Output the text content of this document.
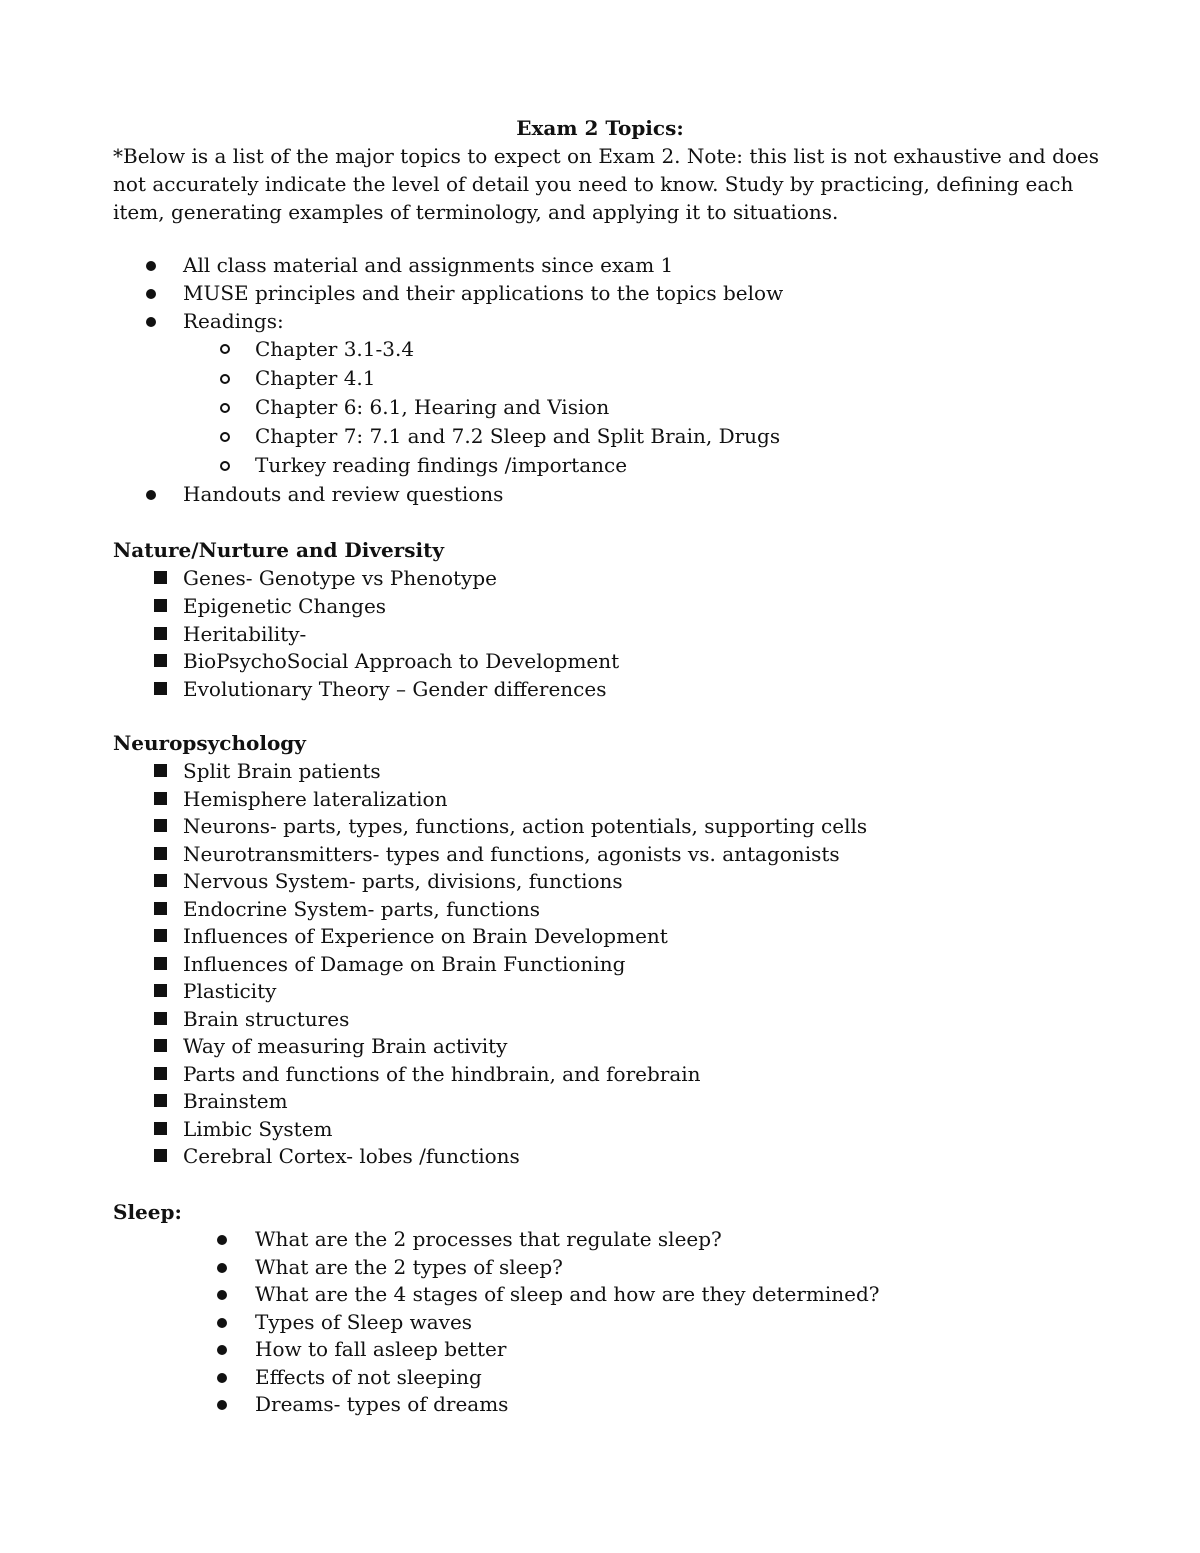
Exam 2 Topics:

*Below is a list of the major topics to expect on Exam 2. Note: this list is not exhaustive and does

not accurately indicate the level of detail you need to know. Study by practicing, defining each

item, generating examples of terminology, and applying it to situations.

All class material and assignments since exam 1
MUSE principles and their applications to the topics below
Readings:
Chapter 3.1-3.4
Chapter 4.1
Chapter 6: 6.1, Hearing and Vision
Chapter 7: 7.1 and 7.2 Sleep and Split Brain, Drugs
Turkey reading findings /importance
Handouts and review questions
Nature/Nurture and Diversity
Genes- Genotype vs Phenotype
Epigenetic Changes
Heritability-
BioPsychoSocial Approach to Development
Evolutionary Theory – Gender differences
Neuropsychology
Split Brain patients
Hemisphere lateralization
Neurons- parts, types, functions, action potentials, supporting cells
Neurotransmitters- types and functions, agonists vs. antagonists
Nervous System- parts, divisions, functions
Endocrine System- parts, functions
Influences of Experience on Brain Development
Influences of Damage on Brain Functioning
Plasticity
Brain structures
Way of measuring Brain activity
Parts and functions of the hindbrain, and forebrain
Brainstem
Limbic System
Cerebral Cortex- lobes /functions
Sleep:
What are the 2 processes that regulate sleep?
What are the 2 types of sleep?
What are the 4 stages of sleep and how are they determined?
Types of Sleep waves
How to fall asleep better
Effects of not sleeping
Dreams- types of dreams
